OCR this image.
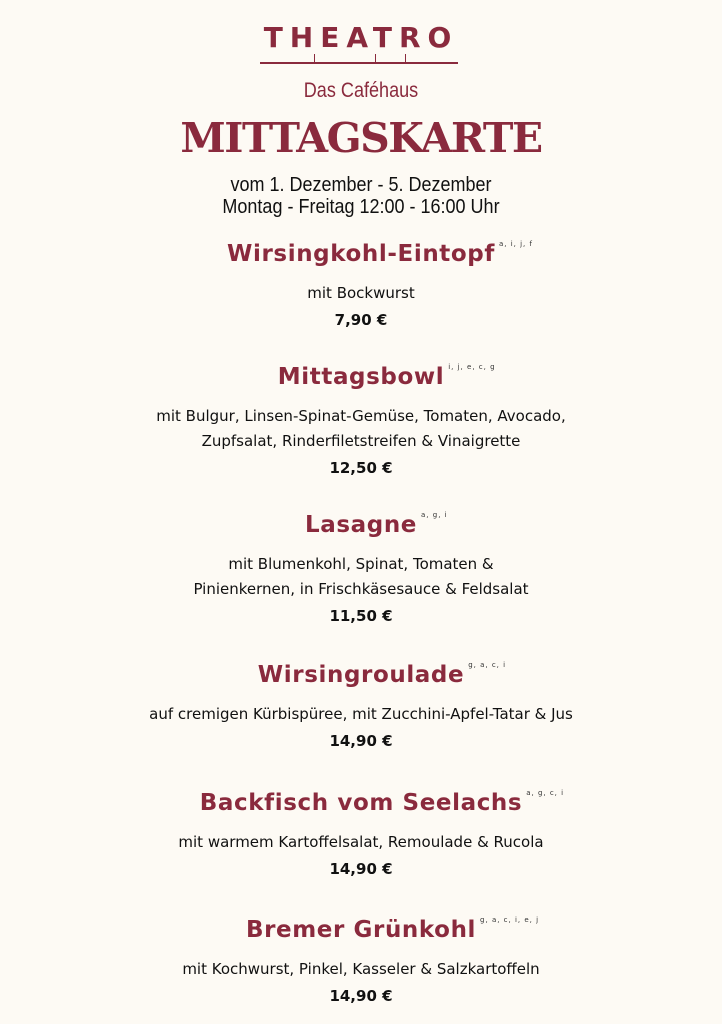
THEATRO
Das Caféhaus
MITTAGSKARTE
vom 1. Dezember - 5. Dezember
Montag - Freitag 12:00 - 16:00 Uhr
Wirsingkohl-Eintopf a, i, j, f
mit Bockwurst
7,90 €
Mittagsbowl i, j, e, c, g
mit Bulgur, Linsen-Spinat-Gemüse, Tomaten, Avocado,
Zupfsalat, Rinderfiletstreifen & Vinaigrette
12,50 €
Lasagne a, g, i
mit Blumenkohl, Spinat, Tomaten &
Pinienkernen, in Frischkäsesauce & Feldsalat
11,50 €
Wirsingroulade g, a, c, i
auf cremigen Kürbispüree, mit Zucchini-Apfel-Tatar & Jus
14,90 €
Backfisch vom Seelachs a, g, c, i
mit warmem Kartoffelsalat, Remoulade & Rucola
14,90 €
Bremer Grünkohl g, a, c, i, e, j
mit Kochwurst, Pinkel, Kasseler & Salzkartoffeln
14,90 €
